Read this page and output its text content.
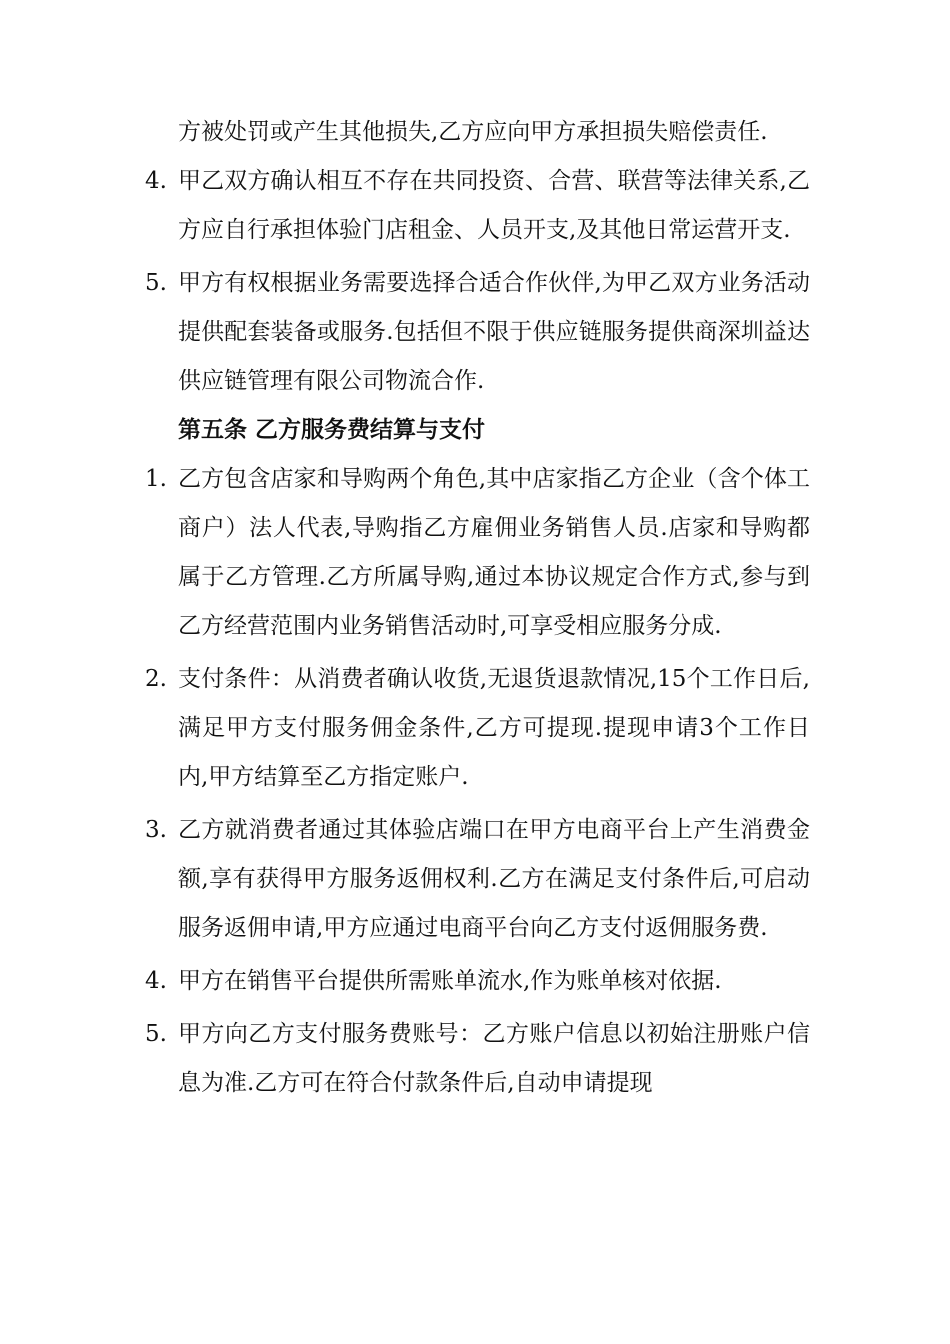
方被处罚或产生其他损失,乙方应向甲方承担损失赔偿责任.

4. 甲乙双方确认相互不存在共同投资、合营、联营等法律关系,乙方应自行承担体验门店租金、人员开支,及其他日常运营开支.

5. 甲方有权根据业务需要选择合适合作伙伴,为甲乙双方业务活动提供配套装备或服务.包括但不限于供应链服务提供商深圳益达供应链管理有限公司物流合作.

第五条 乙方服务费结算与支付
1. 乙方包含店家和导购两个角色,其中店家指乙方企业（含个体工商户）法人代表,导购指乙方雇佣业务销售人员.店家和导购都属于乙方管理.乙方所属导购,通过本协议规定合作方式,参与到乙方经营范围内业务销售活动时,可享受相应服务分成.

2. 支付条件：从消费者确认收货,无退货退款情况,15个工作日后,满足甲方支付服务佣金条件,乙方可提现.提现申请3个工作日内,甲方结算至乙方指定账户.

3. 乙方就消费者通过其体验店端口在甲方电商平台上产生消费金额,享有获得甲方服务返佣权利.乙方在满足支付条件后,可启动服务返佣申请,甲方应通过电商平台向乙方支付返佣服务费.

4. 甲方在销售平台提供所需账单流水,作为账单核对依据.

5. 甲方向乙方支付服务费账号：乙方账户信息以初始注册账户信息为准.乙方可在符合付款条件后,自动申请提现
